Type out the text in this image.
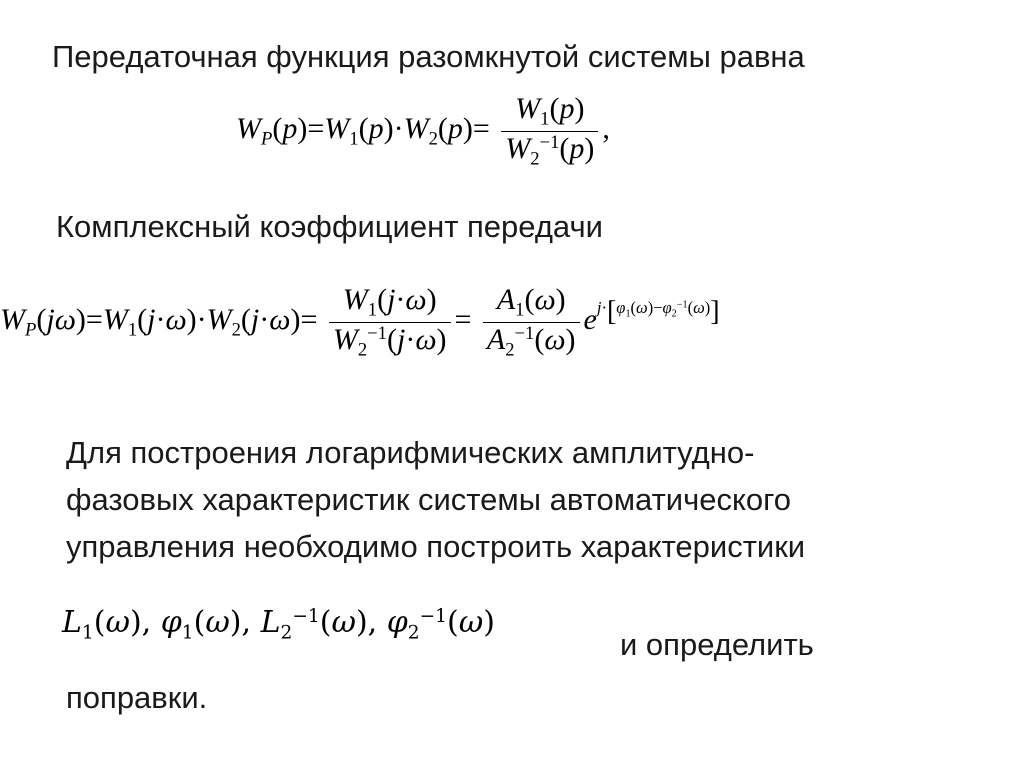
Передаточная функция разомкнутой системы равна
$W_P(p)=W_1(p)\cdot W_2(p)= \frac{W_1(p)}{W_2^{-1}(p)}$ ,
Комплексный коэффициент передачи
$W_P(j\omega)=W_1(j\cdot\omega)\cdot W_2(j\cdot\omega)= \frac{W_1(j\cdot\omega)}{W_2^{-1}(j\cdot\omega)} = \frac{A_1(\omega)}{A_2^{-1}(\omega)} e^{j\cdot[\varphi_1(\omega)-\varphi_2^{-1}(\omega)]}$
Для построения логарифмических амплитудно-
фазовых характеристик системы автоматического
управления необходимо построить характеристики
$L_1(\omega)$, $\varphi_1(\omega)$, $L_2^{-1}(\omega)$, $\varphi_2^{-1}(\omega)$
и определить
поправки.
